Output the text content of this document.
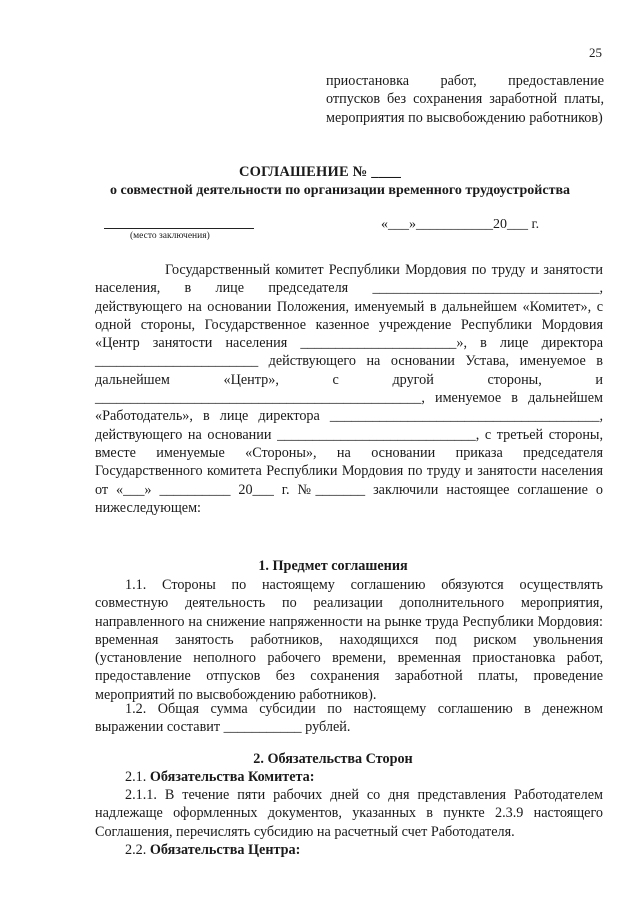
25
приостановка работ, предоставление отпусков без сохранения заработной платы, мероприятия по высвобождению работников)
СОГЛАШЕНИЕ № ____
о совместной деятельности по организации временного трудоустройства
(место заключения)
«___»___________20___ г.
Государственный комитет Республики Мордовия по труду и занятости населения, в лице председателя ________________________________, действующего на основании Положения, именуемый в дальнейшем «Комитет», с одной стороны, Государственное казенное учреждение Республики Мордовия «Центр занятости населения ______________________», в лице директора _______________________ действующего на основании Устава, именуемое в дальнейшем «Центр», с другой стороны, и ______________________________________________, именуемое в дальнейшем «Работодатель», в лице директора ______________________________________, действующего на основании ____________________________, с третьей стороны, вместе именуемые «Стороны», на основании приказа председателя Государственного комитета Республики Мордовия по труду и занятости населения от «___» __________ 20___ г. №_______ заключили настоящее соглашение о нижеследующем:
1. Предмет соглашения
1.1. Стороны по настоящему соглашению обязуются осуществлять совместную деятельность по реализации дополнительного мероприятия, направленного на снижение напряженности на рынке труда Республики Мордовия: временная занятость работников, находящихся под риском увольнения (установление неполного рабочего времени, временная приостановка работ, предоставление отпусков без сохранения заработной платы, проведение мероприятий по высвобождению работников).
1.2. Общая сумма субсидии по настоящему соглашению в денежном выражении составит ___________ рублей.
2. Обязательства Сторон
2.1. Обязательства Комитета:
2.1.1. В течение пяти рабочих дней со дня представления Работодателем надлежаще оформленных документов, указанных в пункте 2.3.9 настоящего Соглашения, перечислять субсидию на расчетный счет Работодателя.
2.2. Обязательства Центра:
